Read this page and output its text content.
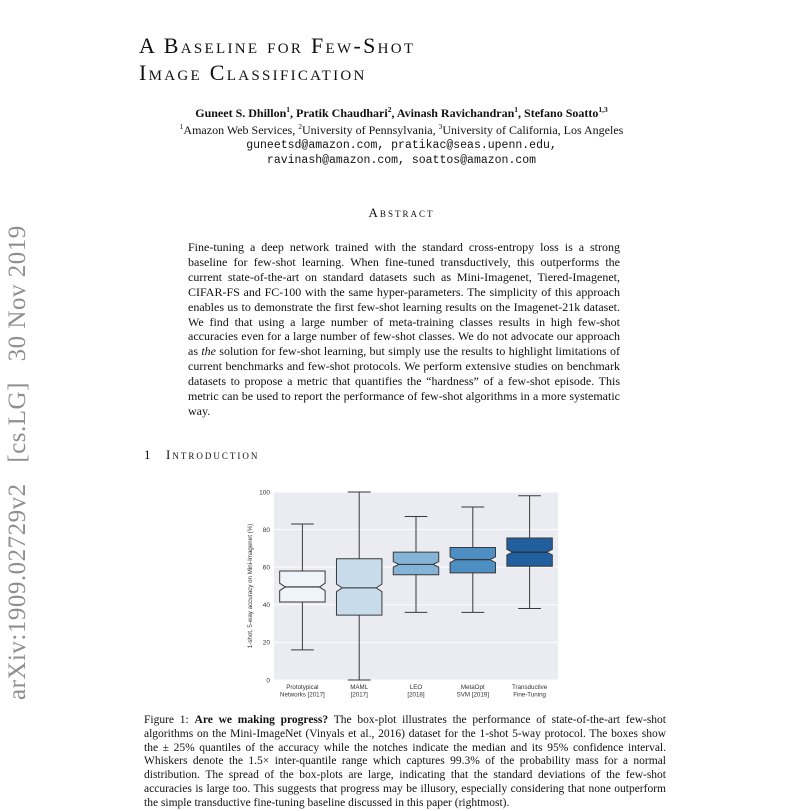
arXiv:1909.02729v2 [cs.LG] 30 Nov 2019
A Baseline for Few-Shot
Image Classification
Guneet S. Dhillon$^1$, Pratik Chaudhari$^2$, Avinash Ravichandran$^1$, Stefano Soatto$^{1,3}$
$^1$Amazon Web Services, $^2$University of Pennsylvania, $^3$University of California, Los Angeles
guneetsd@amazon.com, pratikac@seas.upenn.edu,
ravinash@amazon.com, soattos@amazon.com
Abstract
Fine-tuning a deep network trained with the standard cross-entropy loss is a strong baseline for few-shot learning. When fine-tuned transductively, this outperforms the current state-of-the-art on standard datasets such as Mini-Imagenet, Tiered-Imagenet, CIFAR-FS and FC-100 with the same hyper-parameters. The simplicity of this approach enables us to demonstrate the first few-shot learning results on the Imagenet-21k dataset. We find that using a large number of meta-training classes results in high few-shot accuracies even for a large number of few-shot classes. We do not advocate our approach as the solution for few-shot learning, but simply use the results to highlight limitations of current benchmarks and few-shot protocols. We perform extensive studies on benchmark datasets to propose a metric that quantifies the “hardness” of a few-shot episode. This metric can be used to report the performance of few-shot algorithms in a more systematic way.
1 Introduction
0
20
40
60
80
100
1-shot, 5-way accuracy on Mini-Imagenet (%)
Prototypical
Networks [2017]
MAML
[2017]
LEO
[2018]
MetaOpt
SVM [2019]
Transductive
Fine-Tuning
Figure 1: Are we making progress? The box-plot illustrates the performance of state-of-the-art few-shot algorithms on the Mini-ImageNet (Vinyals et al., 2016) dataset for the 1-shot 5-way protocol. The boxes show the ± 25% quantiles of the accuracy while the notches indicate the median and its 95% confidence interval. Whiskers denote the 1.5× inter-quantile range which captures 99.3% of the probability mass for a normal distribution. The spread of the box-plots are large, indicating that the standard deviations of the few-shot accuracies is large too. This suggests that progress may be illusory, especially considering that none outperform the simple transductive fine-tuning baseline discussed in this paper (rightmost).
